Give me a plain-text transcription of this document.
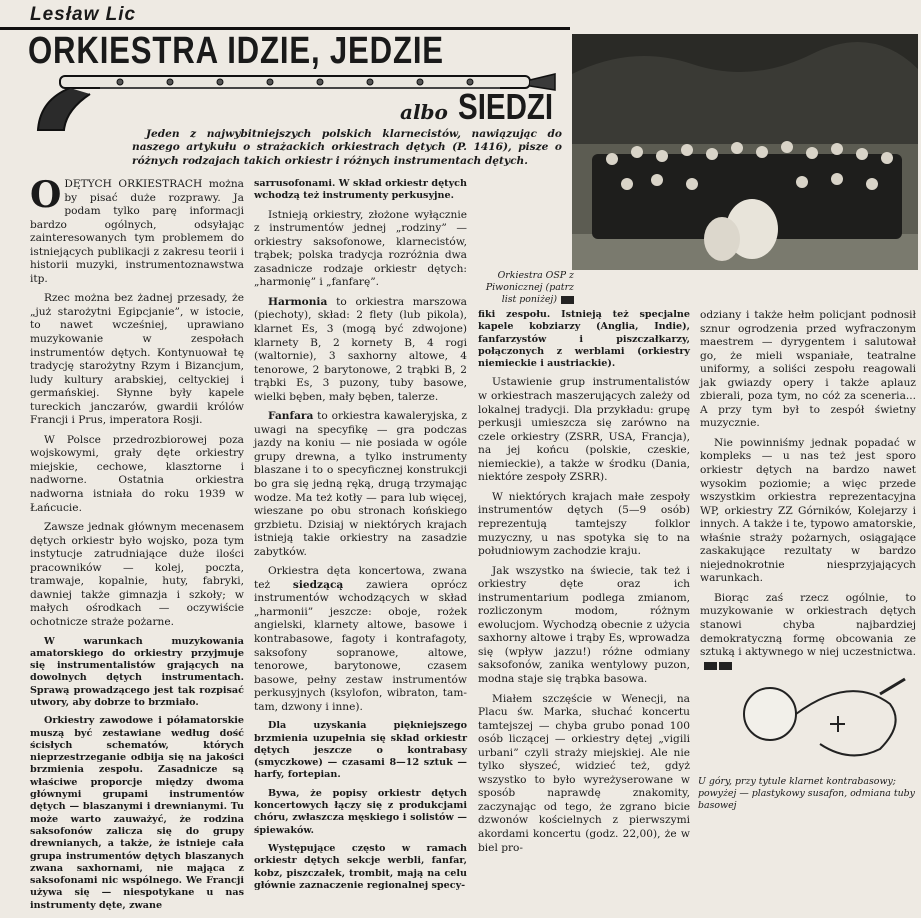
Lesław Lic
ORKIESTRA IDZIE, JEDZIE
albo SIEDZI
Jeden z najwybitniejszych polskich klarnecistów, nawiązując do naszego artykułu o strażackich orkiestrach dętych (P. 1416), pisze o różnych rodzajach takich orkiestr i różnych instrumentach dętych.
Orkiestra OSP z Piwonicznej (patrz list poniżej)

ODĘTYCH ORKIESTRACH można by pisać duże rozprawy. Ja podam tylko parę informacji bardzo ogólnych, odsyłając zainteresowanych tym problemem do istniejących publikacji z zakresu teorii i historii muzyki, instrumentoznawstwa itp.

Rzec można bez żadnej przesady, że „już starożytni Egipcjanie”, w istocie, to nawet wcześniej, uprawiano muzykowanie w zespołach instrumentów dętych. Kontynuował tę tradycję starożytny Rzym i Bizancjum, ludy kultury arabskiej, celtyckiej i germańskiej. Słynne były kapele tureckich janczarów, gwardii królów Francji i Prus, imperatora Rosji.

W Polsce przedrozbiorowej poza wojskowymi, grały dęte orkiestry miejskie, cechowe, klasztorne i nadworne. Ostatnia orkiestra nadworna istniała do roku 1939 w Łańcucie.

Zawsze jednak głównym mecenasem dętych orkiestr było wojsko, poza tym instytucje zatrudniające duże ilości pracowników — kolej, poczta, tramwaje, kopalnie, huty, fabryki, dawniej także gimnazja i szkoły; w małych ośrodkach — oczywiście ochotnicze straże pożarne.

W warunkach muzykowania amatorskiego do orkiestry przyjmuje się instrumentalistów grających na dowolnych dętych instrumentach. Sprawą prowadzącego jest tak rozpisać utwory, aby dobrze to brzmiało.

Orkiestry zawodowe i półamatorskie muszą być zestawiane według dość ścisłych schematów, których nieprzestrzeganie odbija się na jakości brzmienia zespołu. Zasadnicze są właściwe proporcje między dwoma głównymi grupami instrumentów dętych — blaszanymi i drewnianymi. Tu może warto zauważyć, że rodzina saksofonów zalicza się do grupy drewnianych, a także, że istnieje cała grupa instrumentów dętych blaszanych zwana saxhornami, nie mająca z saksofonami nic wspólnego. We Francji używa się — niespotykane u nas instrumenty dęte, zwane

sarrusofonami. W skład orkiestr dętych wchodzą też instrumenty perkusyjne.

Istnieją orkiestry, złożone wyłącznie z instrumentów jednej „rodziny” — orkiestry saksofonowe, klarnecistów, trąbek; polska tradycja rozróżnia dwa zasadnicze rodzaje orkiestr dętych: „harmonię” i „fanfarę”.

Harmonia to orkiestra marszowa (piechoty), skład: 2 flety (lub pikola), klarnet Es, 3 (mogą być zdwojone) klarnety B, 2 kornety B, 4 rogi (waltornie), 3 saxhorny altowe, 4 tenorowe, 2 barytonowe, 2 trąbki B, 2 trąbki Es, 3 puzony, tuby basowe, wielki bęben, mały bęben, talerze.

Fanfara to orkiestra kawaleryjska, z uwagi na specyfikę — gra podczas jazdy na koniu — nie posiada w ogóle grupy drewna, a tylko instrumenty blaszane i to o specyficznej konstrukcji bo gra się jedną ręką, drugą trzymając wodze. Ma też kotły — para lub więcej, wieszane po obu stronach końskiego grzbietu. Dzisiaj w niektórych krajach istnieją takie orkiestry na zasadzie zabytków.

Orkiestra dęta koncertowa, zwana też siedzącą zawiera oprócz instrumentów wchodzących w skład „harmonii” jeszcze: oboje, rożek angielski, klarnety altowe, basowe i kontrabasowe, fagoty i kontrafagoty, saksofony sopranowe, altowe, tenorowe, barytonowe, czasem basowe, pełny zestaw instrumentów perkusyjnych (ksylofon, wibraton, tam-tam, dzwony i inne).

Dla uzyskania piękniejszego brzmienia uzupełnia się skład orkiestr dętych jeszcze o kontrabasy (smyczkowe) — czasami 8—12 sztuk — harfy, fortepian.

Bywa, że popisy orkiestr dętych koncertowych łączy się z produkcjami chóru, zwłaszcza męskiego i solistów — śpiewaków.

Występujące często w ramach orkiestr dętych sekcje werbli, fanfar, kobz, piszczałek, trombit, mają na celu głównie zaznaczenie regionalnej specy-

fiki zespołu. Istnieją też specjalne kapele kobziarzy (Anglia, Indie), fanfarzystów i piszczałkarzy, połączonych z werblami (orkiestry niemieckie i austriackie).

Ustawienie grup instrumentalistów w orkiestrach maszerujących zależy od lokalnej tradycji. Dla przykładu: grupę perkusji umieszcza się zarówno na czele orkiestry (ZSRR, USA, Francja), na jej końcu (polskie, czeskie, niemieckie), a także w środku (Dania, niektóre zespoły ZSRR).

W niektórych krajach małe zespoły instrumentów dętych (5—9 osób) reprezentują tamtejszy folklor muzyczny, u nas spotyka się to na południowym zachodzie kraju.

Jak wszystko na świecie, tak też i orkiestry dęte oraz ich instrumentarium podlega zmianom, rozliczonym modom, różnym ewolucjom. Wychodzą obecnie z użycia saxhorny altowe i trąby Es, wprowadza się (wpływ jazzu!) różne odmiany saksofonów, zanika wentylowy puzon, modna staje się trąbka basowa.

Miałem szczęście w Wenecji, na Placu św. Marka, słuchać koncertu tamtejszej — chyba grubo ponad 100 osób liczącej — orkiestry dętej „vigili urbani” czyli straży miejskiej. Ale nie tylko słyszeć, widzieć też, gdyż wszystko to było wyreżyserowane w sposób naprawdę znakomity, zaczynając od tego, że zgrano bicie dzwonów kościelnych z pierwszymi akordami koncertu (godz. 22,00), że w biel pro-

odziany i także hełm policjant podnosił sznur ogrodzenia przed wyfraczonym maestrem — dyrygentem i salutował go, że mieli wspaniałe, teatralne uniformy, a soliści zespołu reagowali jak gwiazdy opery i także aplauz zbierali, poza tym, no cóż za sceneria... A przy tym był to zespół świetny muzycznie.

Nie powinniśmy jednak popadać w kompleks — u nas też jest sporo orkiestr dętych na bardzo nawet wysokim poziomie; a więc przede wszystkim orkiestra reprezentacyjna WP, orkiestry ZZ Górników, Kolejarzy i innych. A także i te, typowo amatorskie, właśnie straży pożarnych, osiągające zaskakujące rezultaty w bardzo niejednokrotnie niesprzyjających warunkach.

Biorąc zaś rzecz ogólnie, to muzykowanie w orkiestrach dętych stanowi chyba najbardziej demokratyczną formę obcowania ze sztuką i aktywnego w niej uczestnictwa.

U góry, przy tytule klarnet kontrabasowy; powyżej — plastykowy susafon, odmiana tuby basowej
